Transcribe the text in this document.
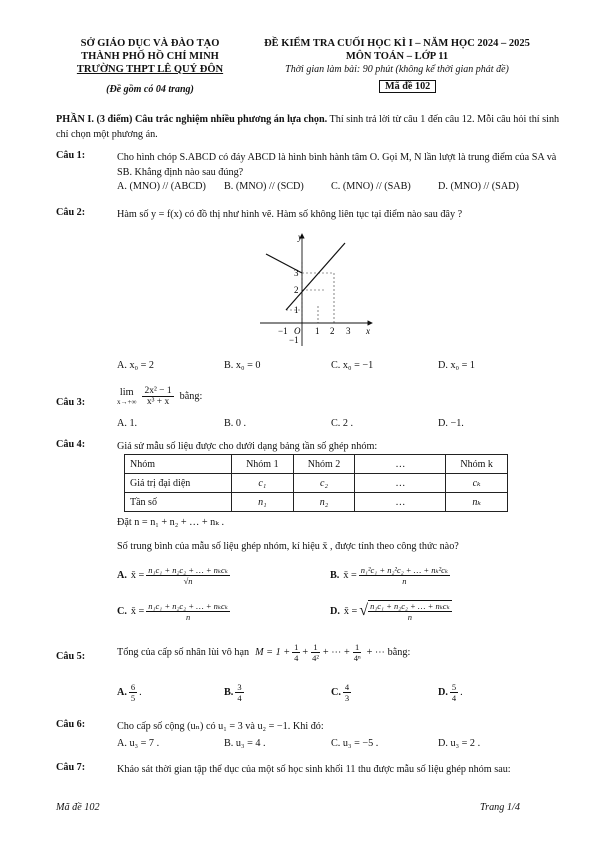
SỞ GIÁO DỤC VÀ ĐÀO TẠO
THÀNH PHỐ HỒ CHÍ MINH
TRƯỜNG THPT LÊ QUÝ ĐÔN
(Đề gồm có 04 trang)
ĐỀ KIỂM TRA CUỐI HỌC KÌ I – NĂM HỌC 2024 – 2025
MÔN TOÁN – LỚP 11
Thời gian làm bài: 90 phút (không kể thời gian phát đề)
Mã đề 102
PHẦN I. (3 điểm) Câu trắc nghiệm nhiều phương án lựa chọn. Thí sinh trả lời từ câu 1 đến câu 12. Mỗi câu hỏi thí sinh chỉ chọn một phương án.
Câu 1:	Cho hình chóp S.ABCD có đáy ABCD là hình bình hành tâm O. Gọi M, N lần lượt là trung điểm của SA và SB. Khẳng định nào sau đúng?
A. (MNO) // (ABCD)	B. (MNO) // (SCD)	C. (MNO) // (SAB)	D. (MNO) // (SAD)
Câu 2:	Hàm số y = f(x) có đồ thị như hình vẽ. Hàm số không liên tục tại điểm nào sau đây ?
y
x
O
−1	1 2 3
3
2
1
−1
A. x₀ = 2	B. x₀ = 0	C. x₀ = −1	D. x₀ = 1
Câu 3:
lim
$x\to+\infty \frac{\text{2x² − 1}}{\text{x³ + x}}$ bằng:
A. 1.	B. 0 .	C. 2 .	D. −1.
Câu 4:	Giả sử mẫu số liệu được cho dưới dạng bảng tần số ghép nhóm:
Nhóm	Nhóm 1	Nhóm 2	…	Nhóm k
Giá trị đại diện	c₁	c₂	…	cₖ
Tần số	n₁	n₂	…	nₖ
Đặt n = n₁ + n₂ + … + nₖ .
Số trung bình của mẫu số liệu ghép nhóm, kí hiệu x̄ , được tính theo công thức nào?
A. x̄ = $\frac{\text{n₁c₁ + n₂c₂ + … + nₖcₖ}}{√n}$	B. x̄ = $\frac{\text{n₁²c₁ + n₂²c₂ + … + nₖ²cₖ}}{n}$
C. x̄ = $\frac{\text{n₁c₁ + n₂c₂ + … + nₖcₖ}}{n}$	D. x̄ = √ $\frac{\text{n₁c₁ + n₂c₂ + … + nₖcₖ}}{n}$
Câu 5:	Tổng của cấp số nhân lùi vô hạn $M = 1 + \frac{1}{4} + \frac{1}{\text{4²}}$ + ⋯ + $\frac{1}{\text{4ⁿ}}$ + ⋯ bằng:
A. $\frac{6}{5}$ .	B. $\frac{3}{4}$	C. $\frac{4}{3}$	D. $\frac{5}{4}$ .
Câu 6:	Cho cấp số cộng (uₙ) có u₁ = 3 và u₂ = −1. Khi đó:
A. u₃ = 7 .	B. u₃ = 4 .	C. u₃ = −5 .	D. u₃ = 2 .
Câu 7:	Khảo sát thời gian tập thể dục của một số học sinh khối 11 thu được mẫu số liệu ghép nhóm sau:
Mã đề 102	Trang 1/4
